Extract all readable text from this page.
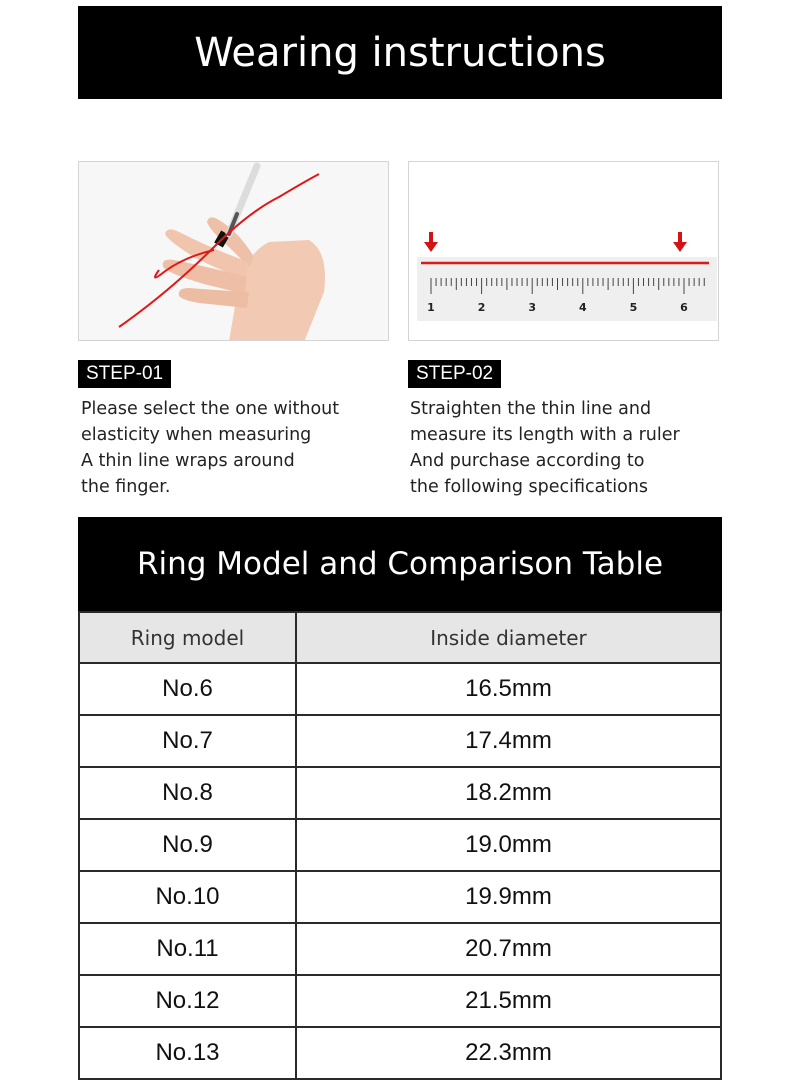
Wearing instructions
1	2	3	4	5	6
STEP-01	STEP-02
Please select the one without
elasticity when measuring
A thin line wraps around
the finger.
Straighten the thin line and
measure its length with a ruler
And purchase according to
the following specifications
Ring Model and Comparison Table
Ring model	Inside diameter
No.6	16.5mm
No.7	17.4mm
No.8	18.2mm
No.9	19.0mm
No.10	19.9mm
No.11	20.7mm
No.12	21.5mm
No.13	22.3mm
